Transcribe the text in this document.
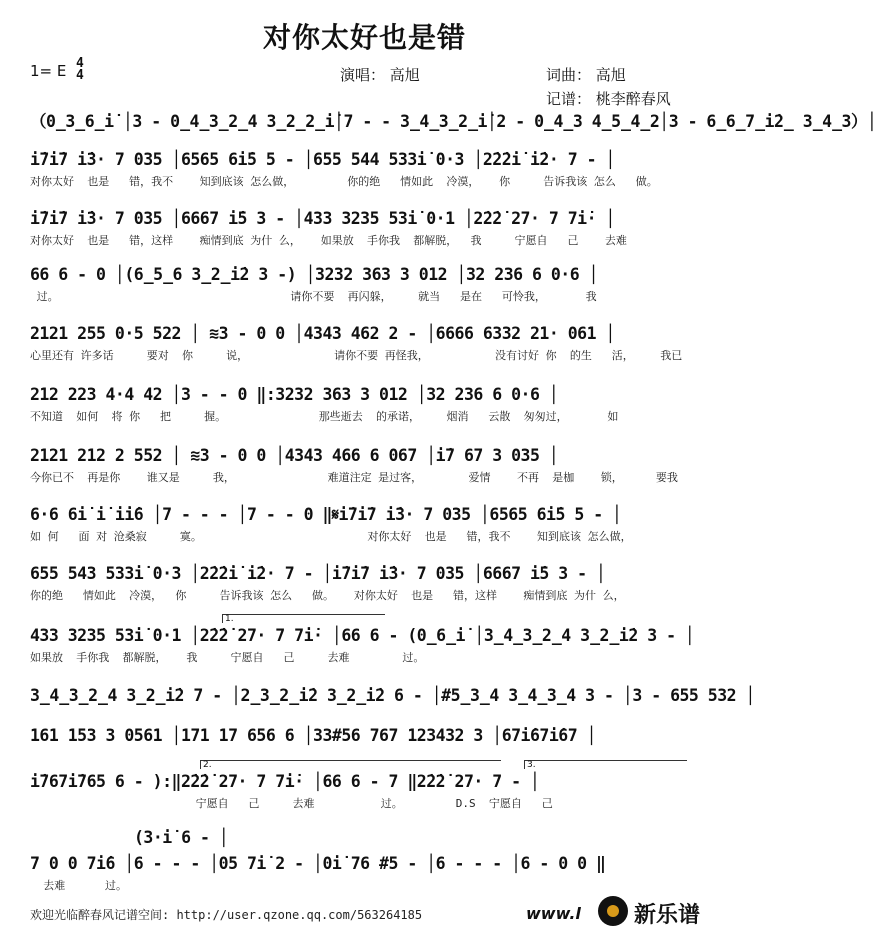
对你太好也是错
1= E 4
4	演唱： 高旭	词曲： 高旭
记谱： 桃李醉春风
（0̲3̲6̲i̇ │3 - 0̲4̲3̲2̲4 3̲2̲2̲i̇│7 - - 3̲4̲3̲2̲i̇│2 - 0̲4̲3 4̲5̲4̲2│3 - 6̲6̲7̲i̇2̲ 3̲4̲3）│
i̇7i̇7 i̇3· 7 035 │6565 6i̇5 5 - │655 544 533i̇ 0·3 │2̇2̇2̇i̇ i̇2· 7 - │
对你太好  也是   错，我不    知到底该 怎么做，        你的绝   情如此  冷漠，   你     告诉我该 怎么   做。
i̇7i̇7 i̇3· 7 035 │6667 i̇5 3 - │433 3235 53i̇ 0·1 │2̇2̇2̇ 27· 7 7i̇· │
对你太好  也是   错，这样    痴情到底 为什 么，   如果放  手你我  都解脱，  我     宁愿自   己    去难
66 6 - 0 │(6̲5̲6 3̲2̲i̇2 3 -) │3232 363 3 012 │32 236 6 0·6 │
过。                                   请你不要  再闪躲，    就当   是在   可怜我，      我
2121 255 0·5 522 │ ≋3 - 0 0 │4343 462 2 - │6666 6332 21· 061 │
心里还有 许多话     要对  你     说，             请你不要 再怪我，          没有讨好 你  的生   活，    我已
212 223 4·4 42 │3 - - 0 ‖:3232 363 3 012 │32 236 6 0·6 │
不知道  如何  将 你   把     握。              那些逝去  的承诺，    烟消   云散  匆匆过，      如
2121 212 2 552 │ ≋3 - 0 0 │4343 466 6 067 │i̇7 67 3 035 │
今你已不  再是你    谁又是     我，              难道注定 是过客，       爱情    不再  是枷    锁，     要我
6·6 6i̇ i̇ i̇i̇6 │7 - - - │7 - - 0 ‖𝄋i̇7i̇7 i̇3· 7 035 │6565 6i̇5 5 - │
如 何   面 对 沧桑寂     寞。                         对你太好  也是   错，我不    知到底该 怎么做，
655 543 533i̇ 0·3 │2̇2̇2̇i̇ i̇2· 7 - │i̇7i̇7 i̇3· 7 035 │6667 i̇5 3 - │
你的绝   情如此  冷漠，  你     告诉我该 怎么   做。   对你太好  也是   错，这样    痴情到底 为什 么，
1.
433 3235 53i̇ 0·1 │2̇2̇2̇ 27· 7 7i̇· │66 6 - (0̲6̲i̇ │3̲4̲3̲2̲4 3̲2̲i̇2 3 - │
如果放  手你我  都解脱，   我     宁愿自   己     去难        过。
3̲4̲3̲2̲4 3̲2̲i̇2 7 - │2̲3̲2̲i̇2 3̲2̲i̇2 6 - │#5̲3̲4 3̲4̲3̲4 3 - │3 - 655 532 │
161 153 3 0561 │171 17 656 6 │33#56 767 123432 3 │67i̇67i̇67 │
2.	3.
i̇767i̇765 6 - ):‖2̇2̇2̇ 27· 7 7i̇· │66 6 - 7 ‖2̇2̇2̇ 27· 7 - │
宁愿自   己     去难          过。        D.S  宁愿自   己
(3·i̇ 6 - │
7 0 0 7i̇6 │6 - - - │05 7i̇ 2 - │0i̇ 76 #5 - │6 - - - │6 - 0 0 ‖
去难      过。
欢迎光临醉春风记谱空间: http://user.qzone.qq.com/563264185	www.l 新乐谱
